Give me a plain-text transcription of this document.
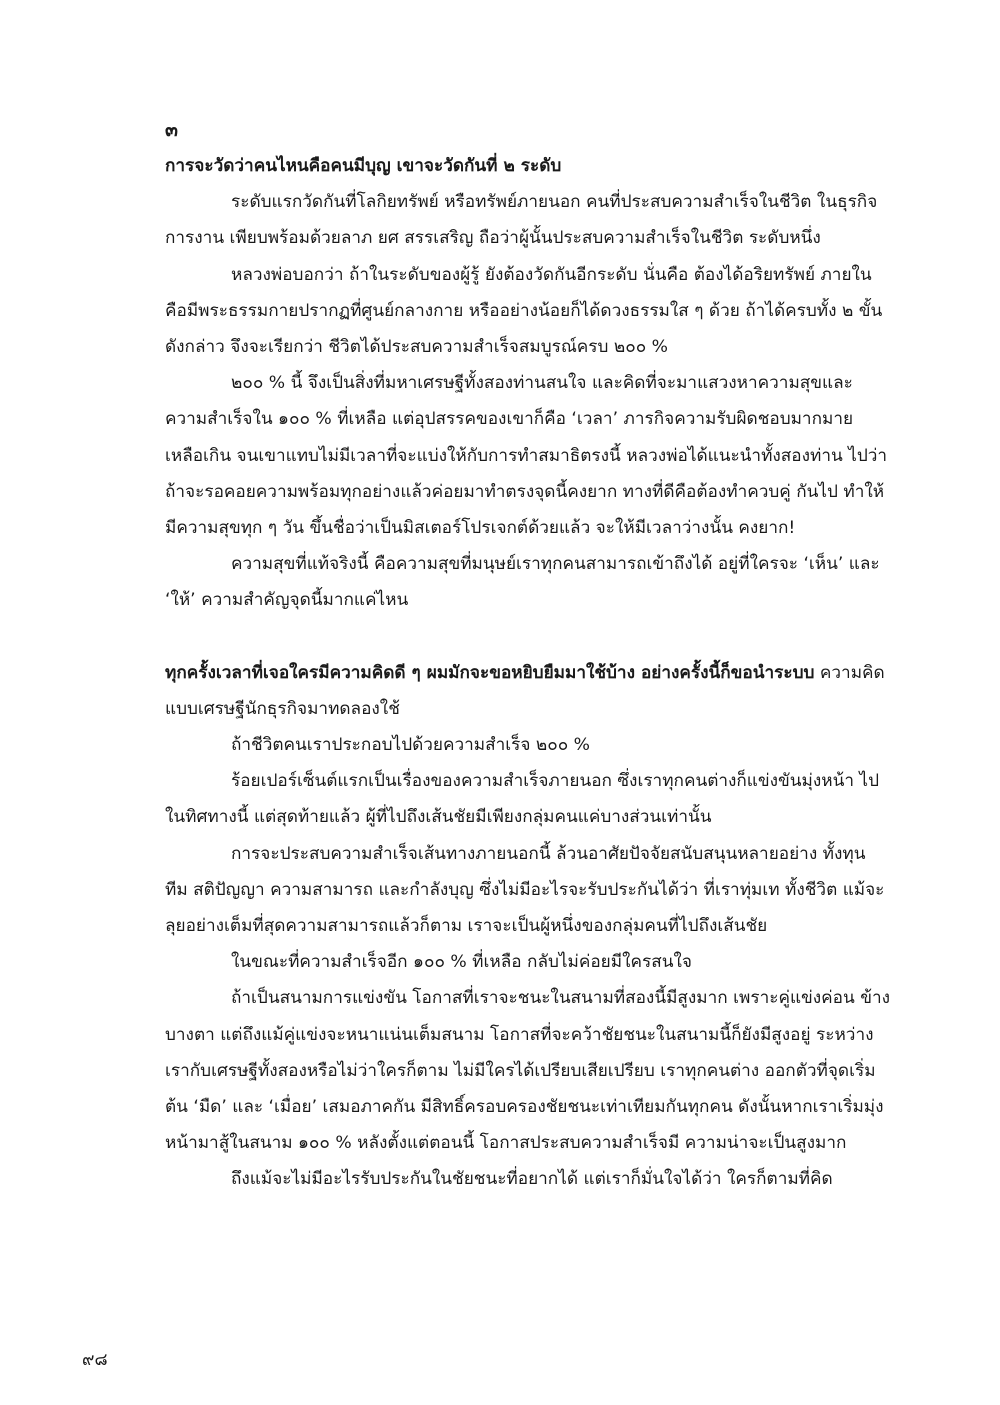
๓

การจะวัดว่าคนไหนคือคนมีบุญ เขาจะวัดกันที่ ๒ ระดับ

ระดับแรกวัดกันที่โลกิยทรัพย์ หรือทรัพย์ภายนอก คนที่ประสบความสำเร็จในชีวิต ในธุรกิจการงาน เพียบพร้อมด้วยลาภ ยศ สรรเสริญ ถือว่าผู้นั้นประสบความสำเร็จในชีวิต ระดับหนึ่ง

หลวงพ่อบอกว่า ถ้าในระดับของผู้รู้ ยังต้องวัดกันอีกระดับ นั่นคือ ต้องได้อริยทรัพย์ ภายใน คือมีพระธรรมกายปรากฏที่ศูนย์กลางกาย หรืออย่างน้อยก็ได้ดวงธรรมใส ๆ ด้วย ถ้าได้ครบทั้ง ๒ ขั้น ดังกล่าว จึงจะเรียกว่า ชีวิตได้ประสบความสำเร็จสมบูรณ์ครบ ๒๐๐ %

๒๐๐ % นี้ จึงเป็นสิ่งที่มหาเศรษฐีทั้งสองท่านสนใจ และคิดที่จะมาแสวงหาความสุขและ ความสำเร็จใน ๑๐๐ % ที่เหลือ แต่อุปสรรคของเขาก็คือ ‘เวลา’ ภารกิจความรับผิดชอบมากมาย เหลือเกิน จนเขาแทบไม่มีเวลาที่จะแบ่งให้กับการทำสมาธิตรงนี้ หลวงพ่อได้แนะนำทั้งสองท่าน ไปว่า ถ้าจะรอคอยความพร้อมทุกอย่างแล้วค่อยมาทำตรงจุดนี้คงยาก ทางที่ดีคือต้องทำควบคู่ กันไป ทำให้มีความสุขทุก ๆ วัน ขึ้นชื่อว่าเป็นมิสเตอร์โปรเจกต์ด้วยแล้ว จะให้มีเวลาว่างนั้น คงยาก!

ความสุขที่แท้จริงนี้ คือความสุขที่มนุษย์เราทุกคนสามารถเข้าถึงได้ อยู่ที่ใครจะ ‘เห็น’ และ ‘ให้’ ความสำคัญจุดนี้มากแค่ไหน

ทุกครั้งเวลาที่เจอใครมีความคิดดี ๆ ผมมักจะขอหยิบยืมมาใช้บ้าง อย่างครั้งนี้ก็ขอนำระบบ ความคิดแบบเศรษฐีนักธุรกิจมาทดลองใช้

ถ้าชีวิตคนเราประกอบไปด้วยความสำเร็จ ๒๐๐ %

ร้อยเปอร์เซ็นต์แรกเป็นเรื่องของความสำเร็จภายนอก ซึ่งเราทุกคนต่างก็แข่งขันมุ่งหน้า ไปในทิศทางนี้ แต่สุดท้ายแล้ว ผู้ที่ไปถึงเส้นชัยมีเพียงกลุ่มคนแค่บางส่วนเท่านั้น

การจะประสบความสำเร็จเส้นทางภายนอกนี้ ล้วนอาศัยปัจจัยสนับสนุนหลายอย่าง ทั้งทุน ทีม สติปัญญา ความสามารถ และกำลังบุญ ซึ่งไม่มีอะไรจะรับประกันได้ว่า ที่เราทุ่มเท ทั้งชีวิต แม้จะลุยอย่างเต็มที่สุดความสามารถแล้วก็ตาม เราจะเป็นผู้หนึ่งของกลุ่มคนที่ไปถึงเส้นชัย

ในขณะที่ความสำเร็จอีก ๑๐๐ % ที่เหลือ กลับไม่ค่อยมีใครสนใจ

ถ้าเป็นสนามการแข่งขัน โอกาสที่เราจะชนะในสนามที่สองนี้มีสูงมาก เพราะคู่แข่งค่อน ข้างบางตา แต่ถึงแม้คู่แข่งจะหนาแน่นเต็มสนาม โอกาสที่จะคว้าชัยชนะในสนามนี้ก็ยังมีสูงอยู่ ระหว่างเรากับเศรษฐีทั้งสองหรือไม่ว่าใครก็ตาม ไม่มีใครได้เปรียบเสียเปรียบ เราทุกคนต่าง ออกตัวที่จุดเริ่มต้น ‘มืด’ และ ‘เมื่อย’ เสมอภาคกัน มีสิทธิ์ครอบครองชัยชนะเท่าเทียมกันทุกคน ดังนั้นหากเราเริ่มมุ่งหน้ามาสู้ในสนาม ๑๐๐ % หลังตั้งแต่ตอนนี้ โอกาสประสบความสำเร็จมี ความน่าจะเป็นสูงมาก

ถึงแม้จะไม่มีอะไรรับประกันในชัยชนะที่อยากได้ แต่เราก็มั่นใจได้ว่า ใครก็ตามที่คิด

๙๘
